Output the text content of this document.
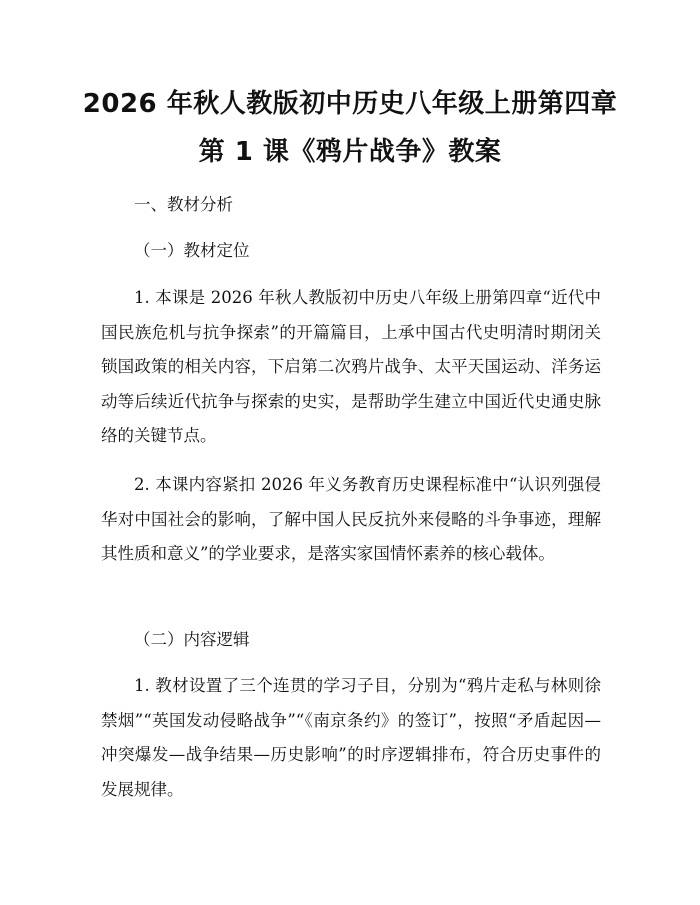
2026 年秋人教版初中历史八年级上册第四章
第 1 课《鸦片战争》教案

一、教材分析

（一）教材定位

1. 本课是 2026 年秋人教版初中历史八年级上册第四章“近代中国民族危机与抗争探索”的开篇篇目，上承中国古代史明清时期闭关锁国政策的相关内容，下启第二次鸦片战争、太平天国运动、洋务运动等后续近代抗争与探索的史实，是帮助学生建立中国近代史通史脉络的关键节点。

2. 本课内容紧扣 2026 年义务教育历史课程标准中“认识列强侵华对中国社会的影响，了解中国人民反抗外来侵略的斗争事迹，理解其性质和意义”的学业要求，是落实家国情怀素养的核心载体。

（二）内容逻辑

1. 教材设置了三个连贯的学习子目，分别为“鸦片走私与林则徐禁烟”“英国发动侵略战争”“《南京条约》的签订”，按照“矛盾起因—冲突爆发—战争结果—历史影响”的时序逻辑排布，符合历史事件的发展规律。
